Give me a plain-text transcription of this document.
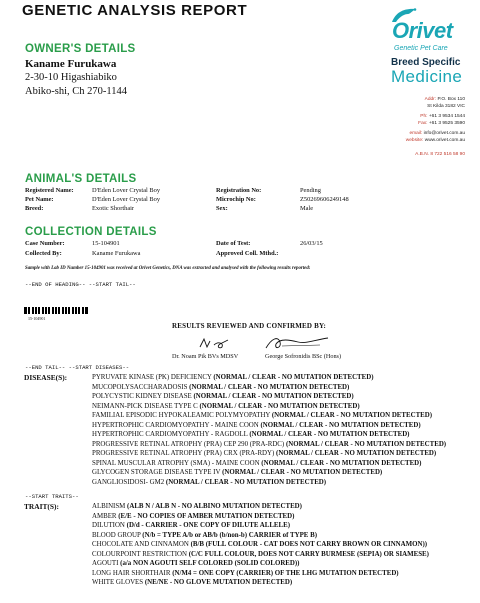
GENETIC ANALYSIS REPORT
Orivet
Genetic Pet Care
Breed Specific
Medicine
Addr: P.O. Box 110
St Kilda 3182 VIC
Ph: +61 3 9534 1544
Fax: +61 3 9525 3590
email: info@orivet.com.au
website: www.orivet.com.au
A.B.N. 8 722 516 58 90
OWNER'S DETAILS
Kaname Furukawa
2-30-10 Higashiabiko
Abiko-shi, Ch 270-1144
ANIMAL'S DETAILS
Registered Name:	D'Eden Lover Crystal Boy
Pet Name:	D'Eden Lover Crystal Boy
Breed:	Exotic Shorthair
Registration No:	Pending
Microchip No:	Z50269606249148
Sex:	Male
COLLECTION DETAILS
Case Number:	15-104901
Collected By:	Kaname Furukawa
Date of Test:	26/03/15
Approved Coll. Mthd.:
Sample with Lab ID Number 15-104901 was received at Orivet Genetics, DNA was extracted and analysed with the following results reported:
--END OF HEADING-- --START TAIL--
15-104901
RESULTS REVIEWED AND CONFIRMED BY:
Dr. Noam Pik BVs MDSV	George Sofronidis BSc (Hons)
--END TAIL-- --START DISEASES--
DISEASE(S):	PYRUVATE KINASE (PK) DEFICIENCY (NORMAL / CLEAR - NO MUTATION DETECTED)
MUCOPOLYSACCHARADOSIS (NORMAL / CLEAR - NO MUTATION DETECTED)
POLYCYSTIC KIDNEY DISEASE (NORMAL / CLEAR - NO MUTATION DETECTED)
NEIMANN-PICK DISEASE TYPE C (NORMAL / CLEAR - NO MUTATION DETECTED)
FAMILIAL EPISODIC HYPOKALEAMIC POLYMYOPATHY (NORMAL / CLEAR - NO MUTATION DETECTED)
HYPERTROPHIC CARDIOMYOPATHY - MAINE COON (NORMAL / CLEAR - NO MUTATION DETECTED)
HYPERTROPHIC CARDIOMYOPATHY - RAGDOLL (NORMAL / CLEAR - NO MUTATION DETECTED)
PROGRESSIVE RETINAL ATROPHY (PRA) CEP 290 (PRA-RDC) (NORMAL / CLEAR - NO MUTATION DETECTED)
PROGRESSIVE RETINAL ATROPHY (PRA) CRX (PRA-RDY) (NORMAL / CLEAR - NO MUTATION DETECTED)
SPINAL MUSCULAR ATROPHY (SMA) - MAINE COON (NORMAL / CLEAR - NO MUTATION DETECTED)
GLYCOGEN STORAGE DISEASE TYPE IV (NORMAL / CLEAR - NO MUTATION DETECTED)
GANGLIOSIDOSI- GM2 (NORMAL / CLEAR - NO MUTATION DETECTED)
--START TRAITS--
TRAIT(S):	ALBINISM (ALB N / ALB N - NO ALBINO MUTATION DETECTED)
AMBER (E/E - NO COPIES OF AMBER MUTATION DETECTED)
DILUTION (D/d - CARRIER - ONE COPY OF DILUTE ALLELE)
BLOOD GROUP (N/b = TYPE A/b or AB/b (b/non-b) CARRIER of TYPE B)
CHOCOLATE AND CINNAMON (B/B (FULL COLOUR - CAT DOES NOT CARRY BROWN OR CINNAMON))
COLOURPOINT RESTRICTION (C/C FULL COLOUR, DOES NOT CARRY BURMESE (SEPIA) OR SIAMESE)
AGOUTI (a/a NON AGOUTI SELF COLORED (SOLID COLORED))
LONG HAIR SHORTHAIR (N/M4 = ONE COPY (CARRIER) OF THE LHG MUTATION DETECTED)
WHITE GLOVES (NE/NE - NO GLOVE MUTATION DETECTED)
